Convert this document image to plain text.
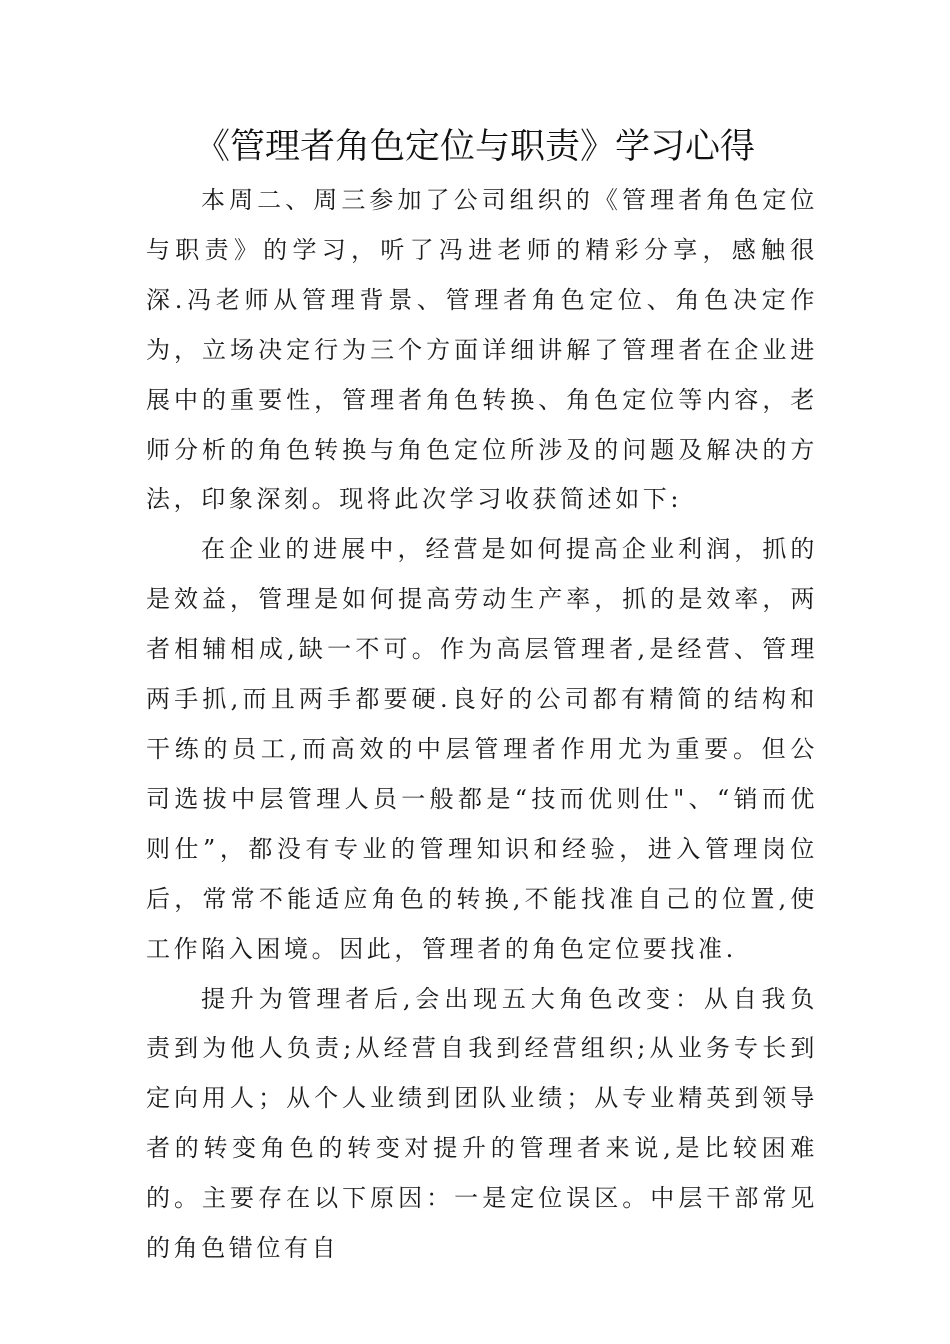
《管理者角色定位与职责》学习心得

本周二、周三参加了公司组织的《管理者角色定位与职责》的学习，听了冯进老师的精彩分享，感触很深.冯老师从管理背景、管理者角色定位、角色决定作为，立场决定行为三个方面详细讲解了管理者在企业进展中的重要性，管理者角色转换、角色定位等内容，老师分析的角色转换与角色定位所涉及的问题及解决的方法，印象深刻。现将此次学习收获简述如下:

在企业的进展中，经营是如何提高企业利润，抓的是效益，管理是如何提高劳动生产率，抓的是效率，两者相辅相成,缺一不可。作为高层管理者,是经营、管理两手抓,而且两手都要硬.良好的公司都有精简的结构和干练的员工,而高效的中层管理者作用尤为重要。但公司选拔中层管理人员一般都是“技而优则仕"、“销而优则仕”，都没有专业的管理知识和经验，进入管理岗位后，常常不能适应角色的转换,不能找准自己的位置,使工作陷入困境。因此，管理者的角色定位要找准.

提升为管理者后,会出现五大角色改变：从自我负责到为他人负责;从经营自我到经营组织;从业务专长到定向用人；从个人业绩到团队业绩；从专业精英到领导者的转变角色的转变对提升的管理者来说,是比较困难的。主要存在以下原因：一是定位误区。中层干部常见的角色错位有自
